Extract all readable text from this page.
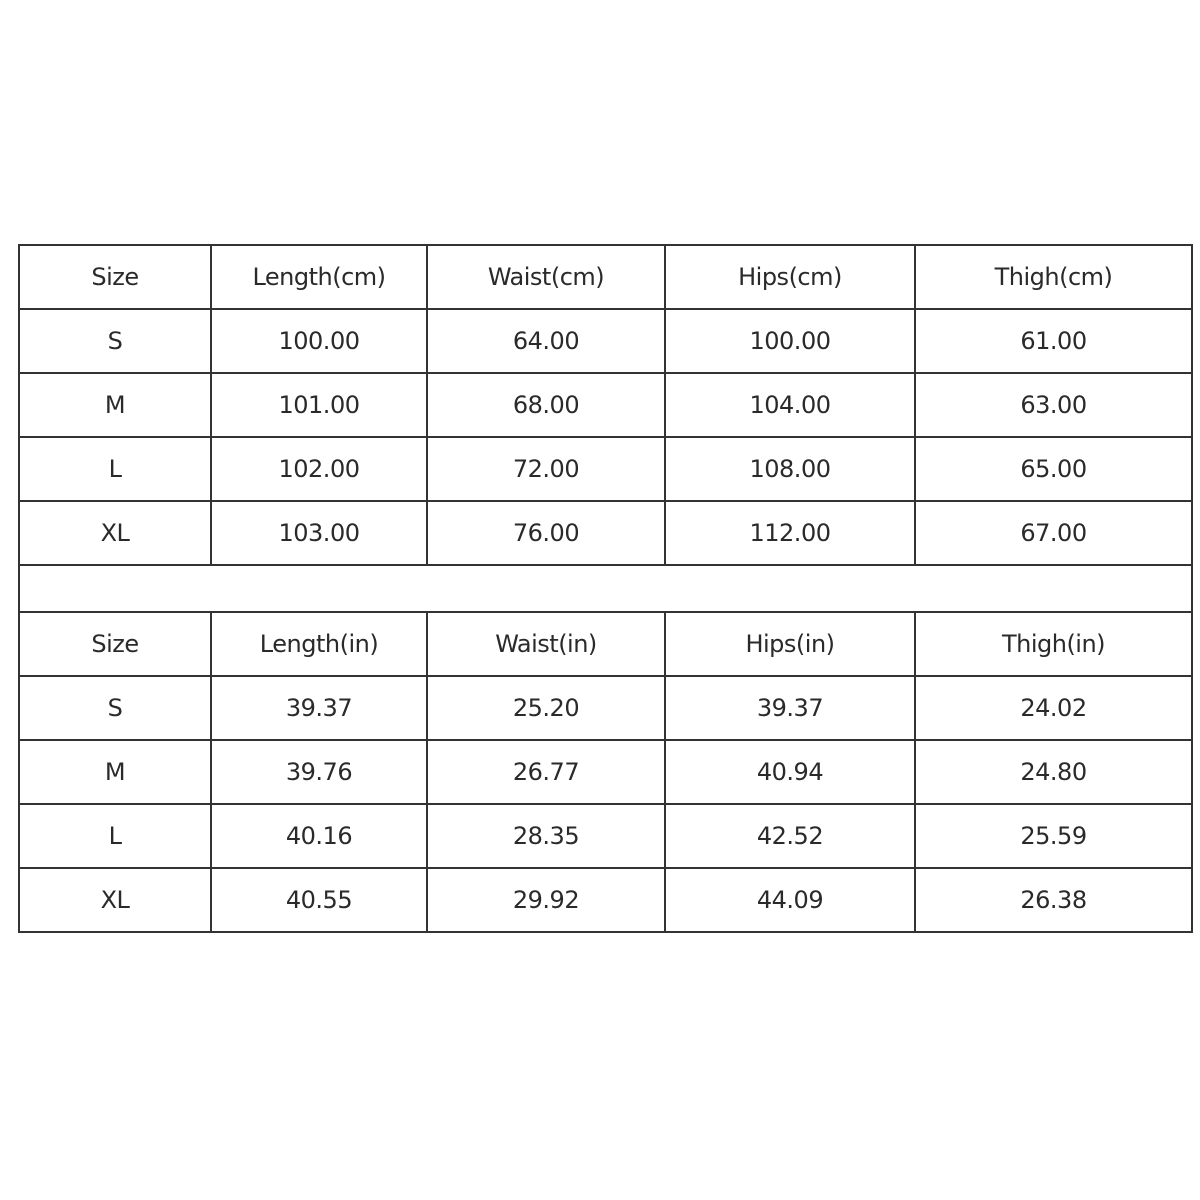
Size	Length(cm)	Waist(cm)	Hips(cm)	Thigh(cm)
S	100.00	64.00	100.00	61.00
M	101.00	68.00	104.00	63.00
L	102.00	72.00	108.00	65.00
XL	103.00	76.00	112.00	67.00

Size	Length(in)	Waist(in)	Hips(in)	Thigh(in)
S	39.37	25.20	39.37	24.02
M	39.76	26.77	40.94	24.80
L	40.16	28.35	42.52	25.59
XL	40.55	29.92	44.09	26.38
